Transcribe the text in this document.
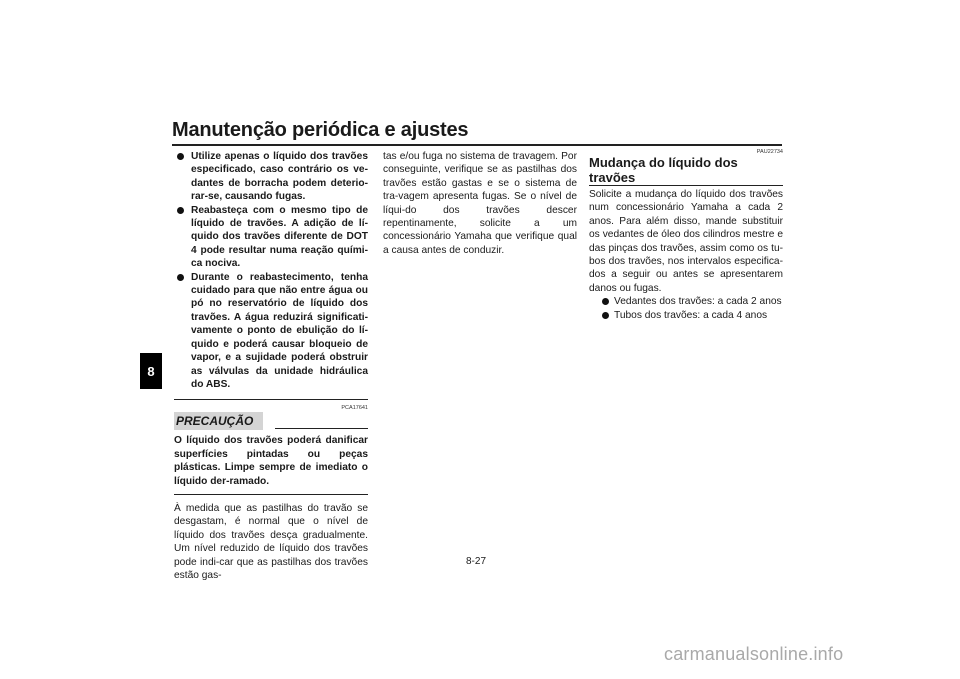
Manutenção periódica e ajustes
8
Utilize apenas o líquido dos travões especificado, caso contrário os ve-dantes de borracha podem deterio-rar-se, causando fugas.
Reabasteça com o mesmo tipo de líquido de travões. A adição de lí-quido dos travões diferente de DOT 4 pode resultar numa reação quími-ca nociva.
Durante o reabastecimento, tenha cuidado para que não entre água ou pó no reservatório de líquido dos travões. A água reduzirá significati-vamente o ponto de ebulição do lí-quido e poderá causar bloqueio de vapor, e a sujidade poderá obstruir as válvulas da unidade hidráulica do ABS.
PCA17641
PRECAUÇÃO
O líquido dos travões poderá danificar superfícies pintadas ou peças plásticas. Limpe sempre de imediato o líquido der-ramado.

À medida que as pastilhas do travão se desgastam, é normal que o nível de líquido dos travões desça gradualmente. Um nível reduzido de líquido dos travões pode indi-car que as pastilhas dos travões estão gas-

tas e/ou fuga no sistema de travagem. Por conseguinte, verifique se as pastilhas dos travões estão gastas e se o sistema de tra-vagem apresenta fugas. Se o nível de líqui-do dos travões descer repentinamente, solicite a um concessionário Yamaha que verifique qual a causa antes de conduzir.

PAU22734
Mudança do líquido dos travões

Solicite a mudança do líquido dos travões num concessionário Yamaha a cada 2 anos. Para além disso, mande substituir os vedantes de óleo dos cilindros mestre e das pinças dos travões, assim como os tu-bos dos travões, nos intervalos especifica-dos a seguir ou antes se apresentarem danos ou fugas.

Vedantes dos travões: a cada 2 anos
Tubos dos travões: a cada 4 anos
8-27
carmanualsonline.info
